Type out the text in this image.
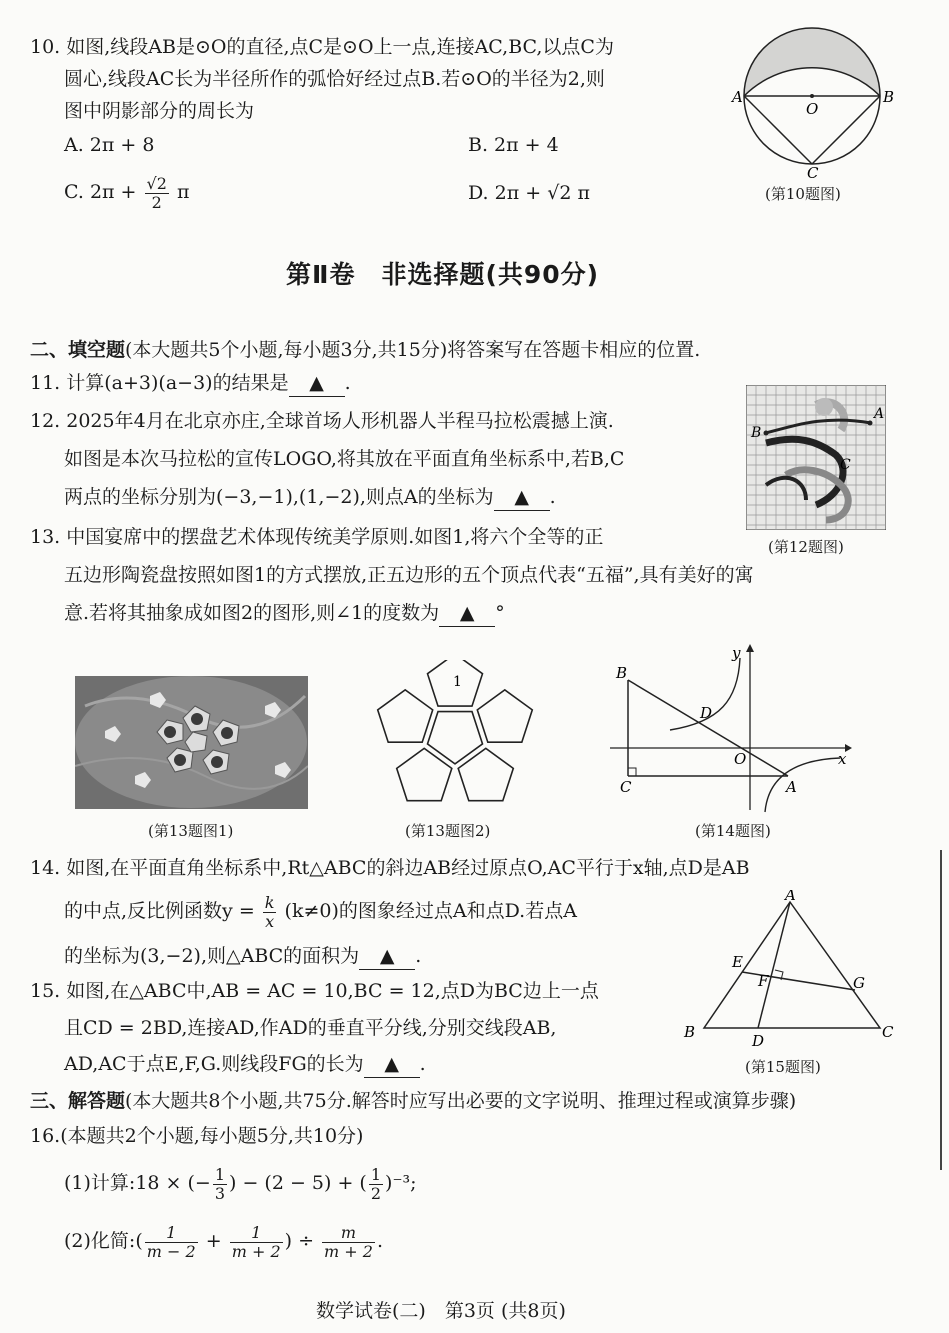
10. 如图,线段AB是⊙O的直径,点C是⊙O上一点,连接AC,BC,以点C为
圆心,线段AC长为半径所作的弧恰好经过点B.若⊙O的半径为2,则
图中阴影部分的周长为
A. 2π + 8	B. 2π + 4
C. $2\pi + \frac{√2}{2}$ π	D. 2π + √2 π
A	B
O
C
(第10题图)
第Ⅱ卷　非选择题(共90分)
二、填空题(本大题共5个小题,每小题3分,共15分)将答案写在答题卡相应的位置.
11. 计算(a+3)(a−3)的结果是 ▲ .
12. 2025年4月在北京亦庄,全球首场人形机器人半程马拉松震撼上演.
如图是本次马拉松的宣传LOGO,将其放在平面直角坐标系中,若B,C
两点的坐标分别为(−3,−1),(1,−2),则点A的坐标为 ▲ .
A
B
C
(第12题图)
13. 中国宴席中的摆盘艺术体现传统美学原则.如图1,将六个全等的正
五边形陶瓷盘按照如图1的方式摆放,正五边形的五个顶点代表“五福”,具有美好的寓
意.若将其抽象成如图2的图形,则∠1的度数为 ▲ °
(第13题图1)
1
(第13题图2)
B
D
O
C	A
x
y
(第14题图)
14. 如图,在平面直角坐标系中,Rt△ABC的斜边AB经过原点O,AC平行于x轴,点D是AB
的中点,反比例函数$y = \frac{k}{x} (k\ne 0)$的图象经过点A和点D.若点A
的坐标为(3,−2),则△ABC的面积为 ▲ .
A
B	C
D
E
F	G
(第15题图)
15. 如图,在△ABC中,AB = AC = 10,BC = 12,点D为BC边上一点
且CD = 2BD,连接AD,作AD的垂直平分线,分别交线段AB,
AD,AC于点E,F,G.则线段FG的长为 ▲ .
三、解答题(本大题共8个小题,共75分.解答时应写出必要的文字说明、推理过程或演算步骤)
16.(本题共2个小题,每小题5分,共10分)
(1)计算:18 × (− $\frac{1}{3}$ ) − (2 − 5) + ( $\frac{1}{2} )^{-3}$;
(2)化简:( $\frac{1}{m - 2} + \frac{1}{m + 2}$ ) ÷ $\frac{m}{m + 2}$ .
数学试卷(二)　第3页 (共8页)
